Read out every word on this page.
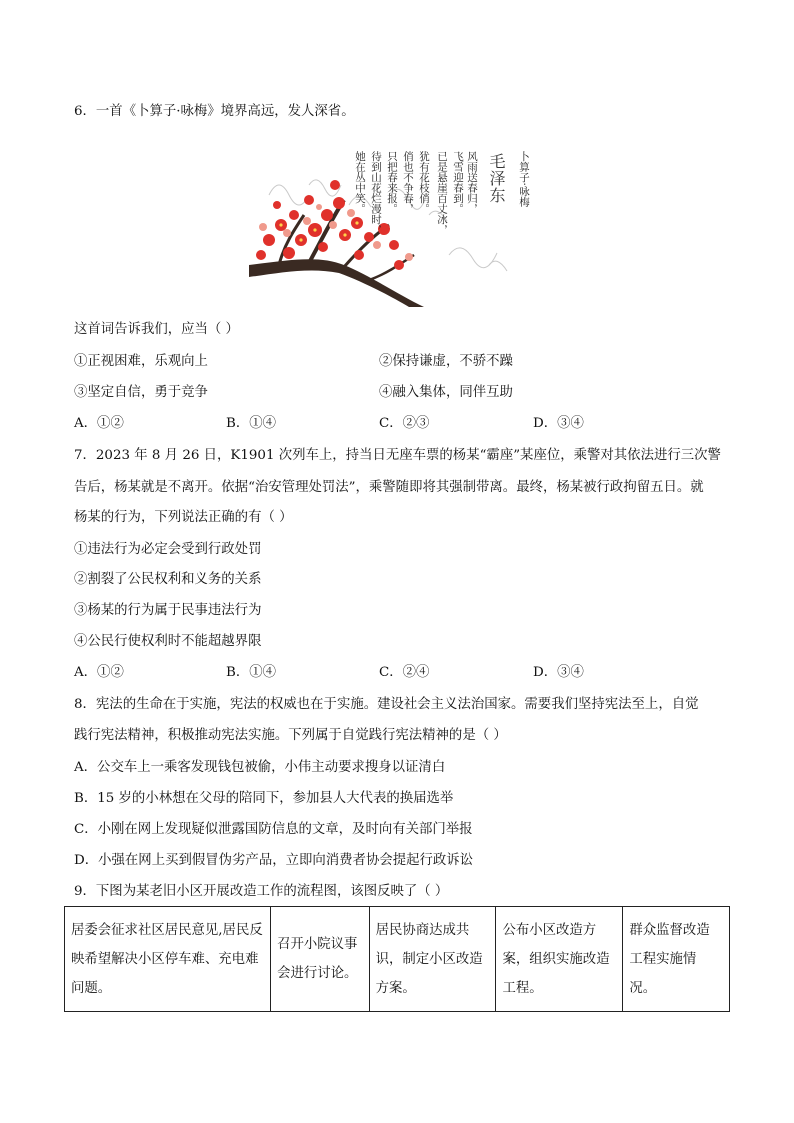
6．一首《卜算子·咏梅》境界高远，发人深省。
卜算子·咏梅
毛泽东
风雨送春归，
飞雪迎春到。
已是悬崖百丈冰，
犹有花枝俏。
俏也不争春，
只把春来报。
待到山花烂漫时，
她在丛中笑。
这首词告诉我们，应当（ ）
①正视困难，乐观向上	②保持谦虚，不骄不躁
③坚定自信，勇于竞争	④融入集体，同伴互助
A．①②	B．①④	C．②③	D．③④
7．2023 年 8 月 26 日，K1901 次列车上，持当日无座车票的杨某“霸座”某座位，乘警对其依法进行三次警
告后，杨某就是不离开。依据“治安管理处罚法”，乘警随即将其强制带离。最终，杨某被行政拘留五日。就
杨某的行为，下列说法正确的有（ ）
①违法行为必定会受到行政处罚
②割裂了公民权利和义务的关系
③杨某的行为属于民事违法行为
④公民行使权利时不能超越界限
A．①②	B．①④	C．②④	D．③④
8．宪法的生命在于实施，宪法的权威也在于实施。建设社会主义法治国家。需要我们坚持宪法至上，自觉
践行宪法精神，积极推动宪法实施。下列属于自觉践行宪法精神的是（ ）
A．公交车上一乘客发现钱包被偷，小伟主动要求搜身以证清白
B．15 岁的小林想在父母的陪同下，参加县人大代表的换届选举
C．小刚在网上发现疑似泄露国防信息的文章，及时向有关部门举报
D．小强在网上买到假冒伪劣产品，立即向消费者协会提起行政诉讼
9．下图为某老旧小区开展改造工作的流程图，该图反映了（ ）
居委会征求社区居民意见,居民反映希望解决小区停车难、充电难问题。	召开小院议事会进行讨论。	居民协商达成共识，制定小区改造方案。	公布小区改造方案，组织实施改造工程。	群众监督改造工程实施情况。
